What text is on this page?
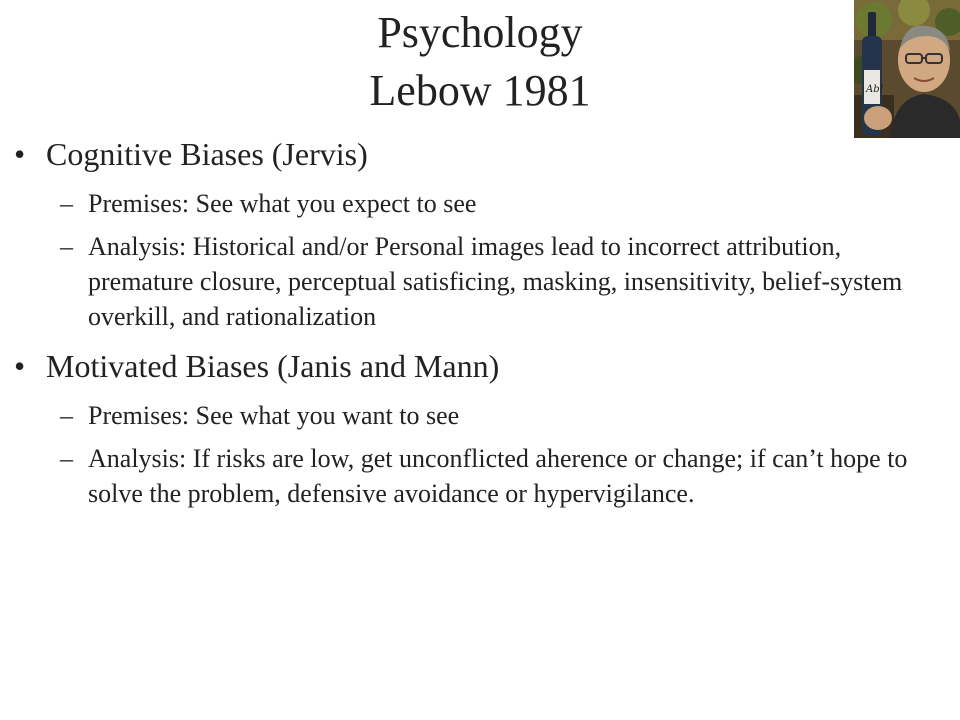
Psychology
Lebow 1981	Ab!
• Cognitive Biases (Jervis)
– Premises: See what you expect to see
– Analysis: Historical and/or Personal images lead to incorrect attribution, premature closure, perceptual satisficing, masking, insensitivity, belief-system overkill, and rationalization
• Motivated Biases (Janis and Mann)
– Premises: See what you want to see
– Analysis: If risks are low, get unconflicted aherence or change; if can’t hope to solve the problem, defensive avoidance or hypervigilance.
